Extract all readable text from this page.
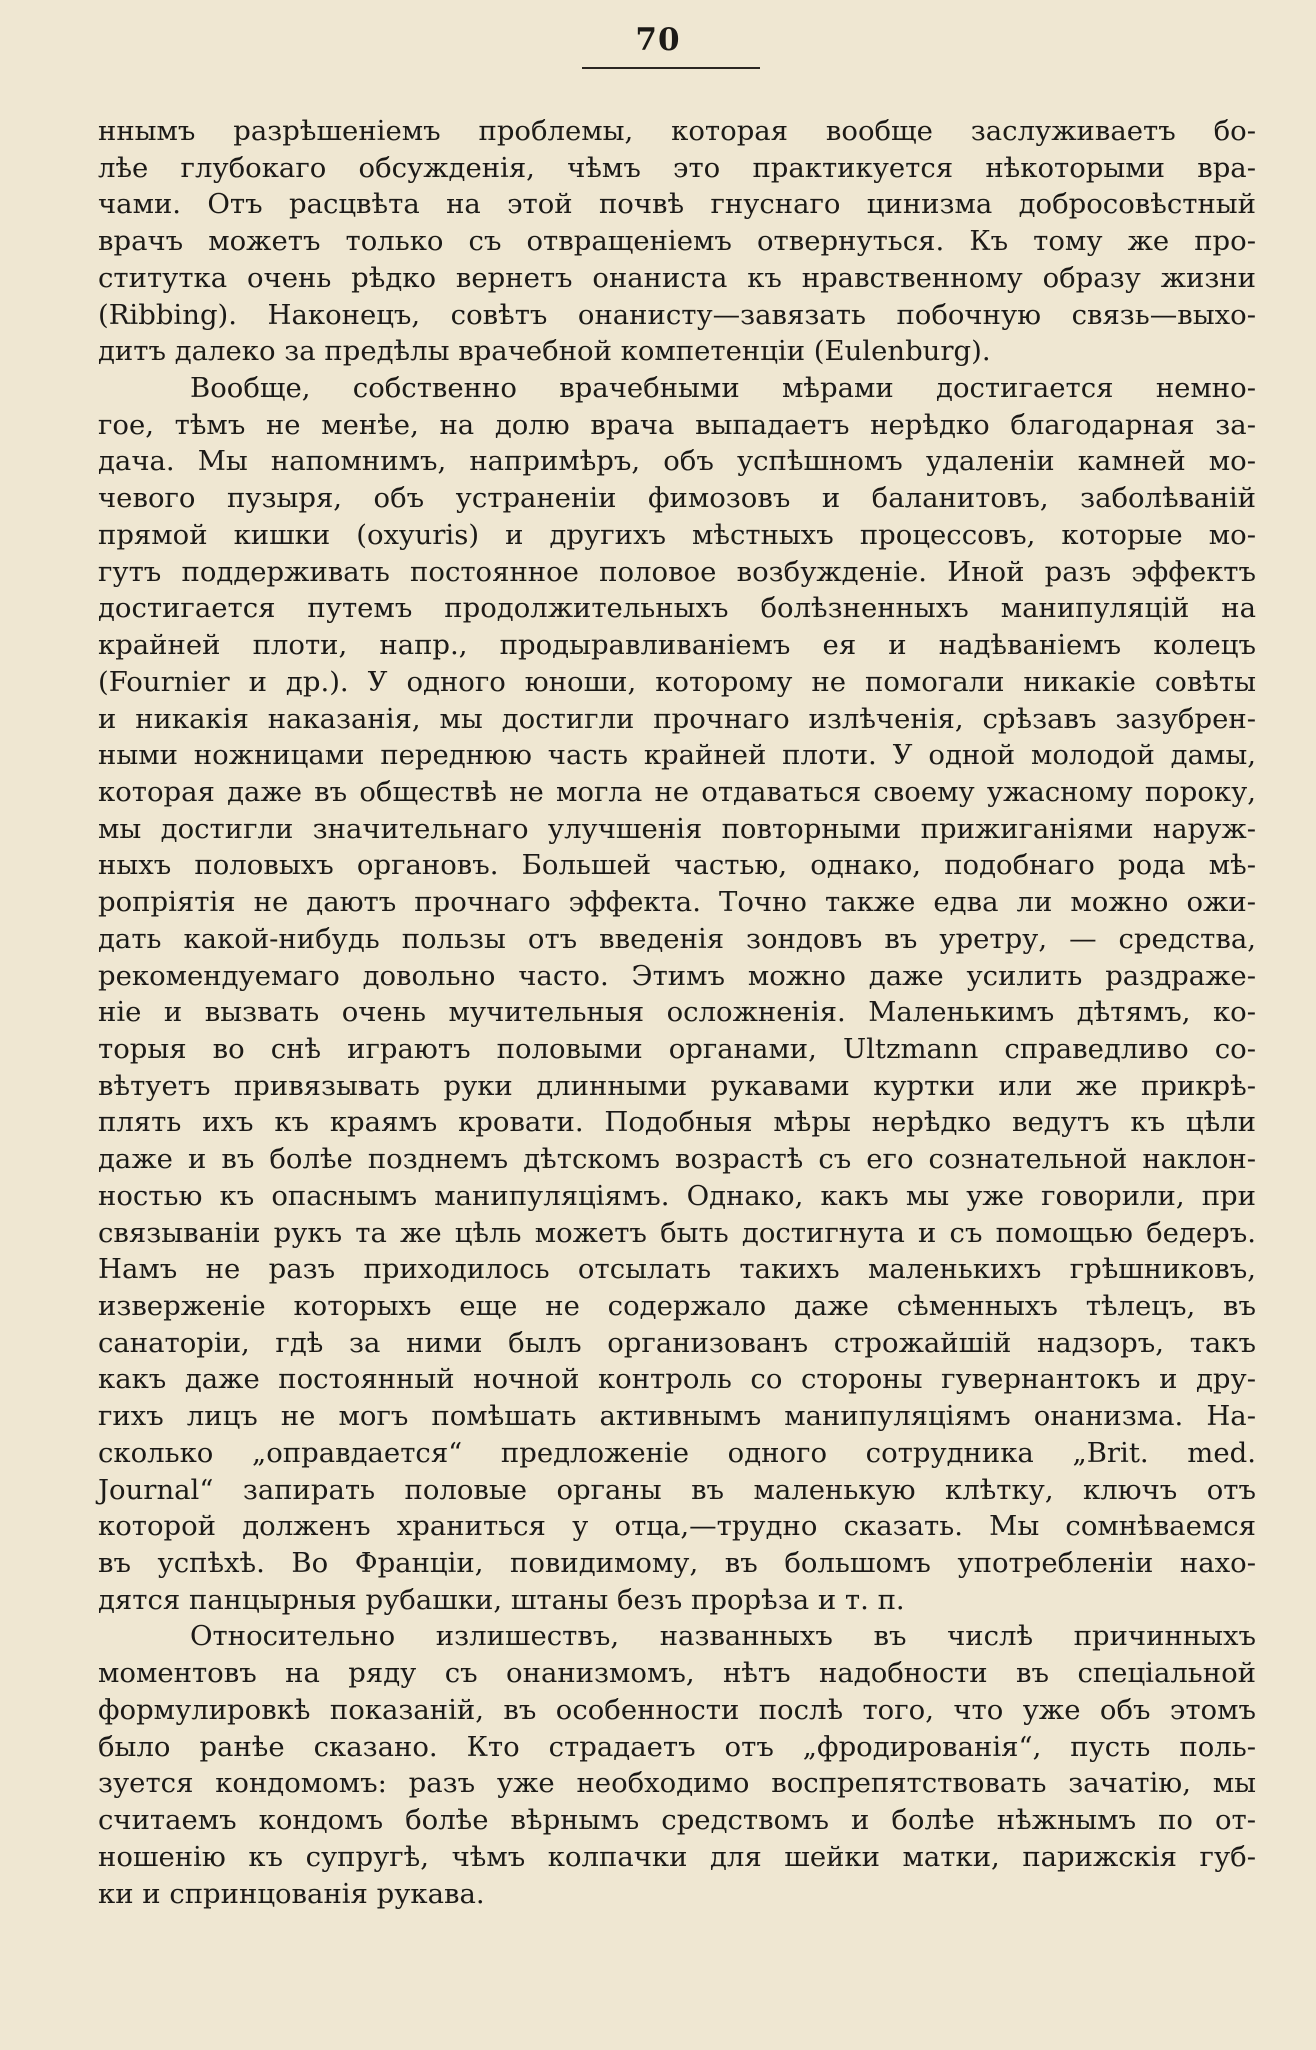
70
ннымъ разрѣшеніемъ проблемы, которая вообще заслуживаетъ бо-
лѣе глубокаго обсужденія, чѣмъ это практикуется нѣкоторыми вра-
чами. Отъ расцвѣта на этой почвѣ гнуснаго цинизма добросовѣстный
врачъ можетъ только съ отвращеніемъ отвернуться. Къ тому же про-
ститутка очень рѣдко вернетъ онаниста къ нравственному образу жизни
(Ribbing). Наконецъ, совѣтъ онанисту—завязать побочную связь—выхо-
дитъ далеко за предѣлы врачебной компетенціи (Eulenburg).
Вообще, собственно врачебными мѣрами достигается немно-
гое, тѣмъ не менѣе, на долю врача выпадаетъ нерѣдко благодарная за-
дача. Мы напомнимъ, напримѣръ, объ успѣшномъ удаленіи камней мо-
чевого пузыря, объ устраненіи фимозовъ и баланитовъ, заболѣваній
прямой кишки (oxyuris) и другихъ мѣстныхъ процессовъ, которые мо-
гутъ поддерживать постоянное половое возбужденіе. Иной разъ эффектъ
достигается путемъ продолжительныхъ болѣзненныхъ манипуляцій на
крайней плоти, напр., продыравливаніемъ ея и надѣваніемъ колецъ
(Fournier и др.). У одного юноши, которому не помогали никакіе совѣты
и никакія наказанія, мы достигли прочнаго излѣченія, срѣзавъ зазубрен-
ными ножницами переднюю часть крайней плоти. У одной молодой дамы,
которая даже въ обществѣ не могла не отдаваться своему ужасному пороку,
мы достигли значительнаго улучшенія повторными прижиганіями наруж-
ныхъ половыхъ органовъ. Большей частью, однако, подобнаго рода мѣ-
ропріятія не даютъ прочнаго эффекта. Точно также едва ли можно ожи-
дать какой-нибудь пользы отъ введенія зондовъ въ уретру, — средства,
рекомендуемаго довольно часто. Этимъ можно даже усилить раздраже-
ніе и вызвать очень мучительныя осложненія. Маленькимъ дѣтямъ, ко-
торыя во снѣ играютъ половыми органами, Ultzmann справедливо со-
вѣтуетъ привязывать руки длинными рукавами куртки или же прикрѣ-
плять ихъ къ краямъ кровати. Подобныя мѣры нерѣдко ведутъ къ цѣли
даже и въ болѣе позднемъ дѣтскомъ возрастѣ съ его сознательной наклон-
ностью къ опаснымъ манипуляціямъ. Однако, какъ мы уже говорили, при
связываніи рукъ та же цѣль можетъ быть достигнута и съ помощью бедеръ.
Намъ не разъ приходилось отсылать такихъ маленькихъ грѣшниковъ,
изверженіе которыхъ еще не содержало даже сѣменныхъ тѣлецъ, въ
санаторіи, гдѣ за ними былъ организованъ строжайшій надзоръ, такъ
какъ даже постоянный ночной контроль со стороны гувернантокъ и дру-
гихъ лицъ не могъ помѣшать активнымъ манипуляціямъ онанизма. На-
сколько „оправдается“ предложеніе одного сотрудника „Brit. med.
Journal“ запирать половые органы въ маленькую клѣтку, ключъ отъ
которой долженъ храниться у отца,—трудно сказать. Мы сомнѣваемся
въ успѣхѣ. Во Франціи, повидимому, въ большомъ употребленіи нахо-
дятся панцырныя рубашки, штаны безъ прорѣза и т. п.
Относительно излишествъ, названныхъ въ числѣ причинныхъ
моментовъ на ряду съ онанизмомъ, нѣтъ надобности въ спеціальной
формулировкѣ показаній, въ особенности послѣ того, что уже объ этомъ
было ранѣе сказано. Кто страдаетъ отъ „фродированія“, пусть поль-
зуется кондомомъ: разъ уже необходимо воспрепятствовать зачатію, мы
считаемъ кондомъ болѣе вѣрнымъ средствомъ и болѣе нѣжнымъ по от-
ношенію къ супругѣ, чѣмъ колпачки для шейки матки, парижскія губ-
ки и спринцованія рукава.
